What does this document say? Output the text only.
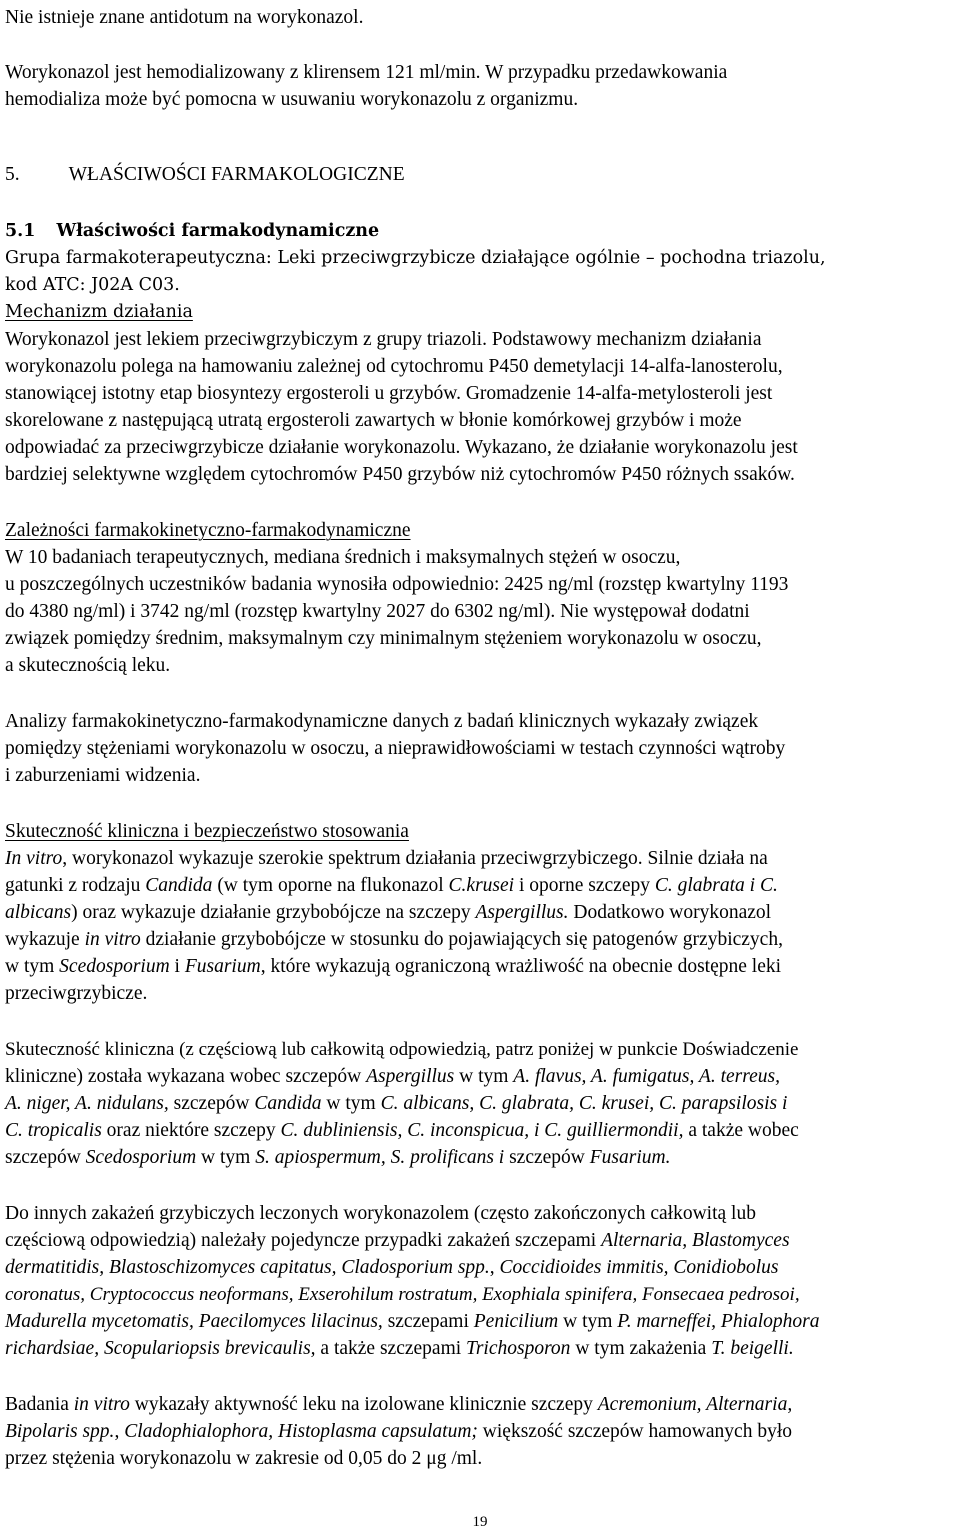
Nie istnieje znane antidotum na worykonazol.

Worykonazol jest hemodializowany z klirensem 121 ml/min. W przypadku przedawkowania

hemodializa może być pomocna w usuwaniu worykonazolu z organizmu.

5.	WŁAŚCIWOŚCI FARMAKOLOGICZNE

5.1 Właściwości farmakodynamiczne

Grupa farmakoterapeutyczna: Leki przeciwgrzybicze działające ogólnie – pochodna triazolu,

kod ATC: J02A C03.

Mechanizm działania

Worykonazol jest lekiem przeciwgrzybiczym z grupy triazoli. Podstawowy mechanizm działania

worykonazolu polega na hamowaniu zależnej od cytochromu P450 demetylacji 14-alfa-lanosterolu,

stanowiącej istotny etap biosyntezy ergosteroli u grzybów. Gromadzenie 14-alfa-metylosteroli jest

skorelowane z następującą utratą ergosteroli zawartych w błonie komórkowej grzybów i może

odpowiadać za przeciwgrzybicze działanie worykonazolu. Wykazano, że działanie worykonazolu jest

bardziej selektywne względem cytochromów P450 grzybów niż cytochromów P450 różnych ssaków.

Zależności farmakokinetyczno-farmakodynamiczne

W 10 badaniach terapeutycznych, mediana średnich i maksymalnych stężeń w osoczu,

u poszczególnych uczestników badania wynosiła odpowiednio: 2425 ng/ml (rozstęp kwartylny 1193

do 4380 ng/ml) i 3742 ng/ml (rozstęp kwartylny 2027 do 6302 ng/ml). Nie występował dodatni

związek pomiędzy średnim, maksymalnym czy minimalnym stężeniem worykonazolu w osoczu,

a skutecznością leku.

Analizy farmakokinetyczno-farmakodynamiczne danych z badań klinicznych wykazały związek

pomiędzy stężeniami worykonazolu w osoczu, a nieprawidłowościami w testach czynności wątroby

i zaburzeniami widzenia.

Skuteczność kliniczna i bezpieczeństwo stosowania

In vitro, worykonazol wykazuje szerokie spektrum działania przeciwgrzybiczego. Silnie działa na

gatunki z rodzaju Candida (w tym oporne na flukonazol C.krusei i oporne szczepy C. glabrata i C.

albicans) oraz wykazuje działanie grzybobójcze na szczepy Aspergillus. Dodatkowo worykonazol

wykazuje in vitro działanie grzybobójcze w stosunku do pojawiających się patogenów grzybiczych,

w tym Scedosporium i Fusarium, które wykazują ograniczoną wrażliwość na obecnie dostępne leki

przeciwgrzybicze.

Skuteczność kliniczna (z częściową lub całkowitą odpowiedzią, patrz poniżej w punkcie Doświadczenie

kliniczne) została wykazana wobec szczepów Aspergillus w tym A. flavus, A. fumigatus, A. terreus,

A. niger, A. nidulans, szczepów Candida w tym C. albicans, C. glabrata, C. krusei, C. parapsilosis i

C. tropicalis oraz niektóre szczepy C. dubliniensis, C. inconspicua, i C. guilliermondii, a także wobec

szczepów Scedosporium w tym S. apiospermum, S. prolificans i szczepów Fusarium.

Do innych zakażeń grzybiczych leczonych worykonazolem (często zakończonych całkowitą lub

częściową odpowiedzią) należały pojedyncze przypadki zakażeń szczepami Alternaria, Blastomyces

dermatitidis, Blastoschizomyces capitatus, Cladosporium spp., Coccidioides immitis, Conidiobolus

coronatus, Cryptococcus neoformans, Exserohilum rostratum, Exophiala spinifera, Fonsecaea pedrosoi,

Madurella mycetomatis, Paecilomyces lilacinus, szczepami Penicilium w tym P. marneffei, Phialophora

richardsiae, Scopulariopsis brevicaulis, a także szczepami Trichosporon w tym zakażenia T. beigelli.

Badania in vitro wykazały aktywność leku na izolowane klinicznie szczepy Acremonium, Alternaria,

Bipolaris spp., Cladophialophora, Histoplasma capsulatum; większość szczepów hamowanych było

przez stężenia worykonazolu w zakresie od 0,05 do 2 μg /ml.

19
